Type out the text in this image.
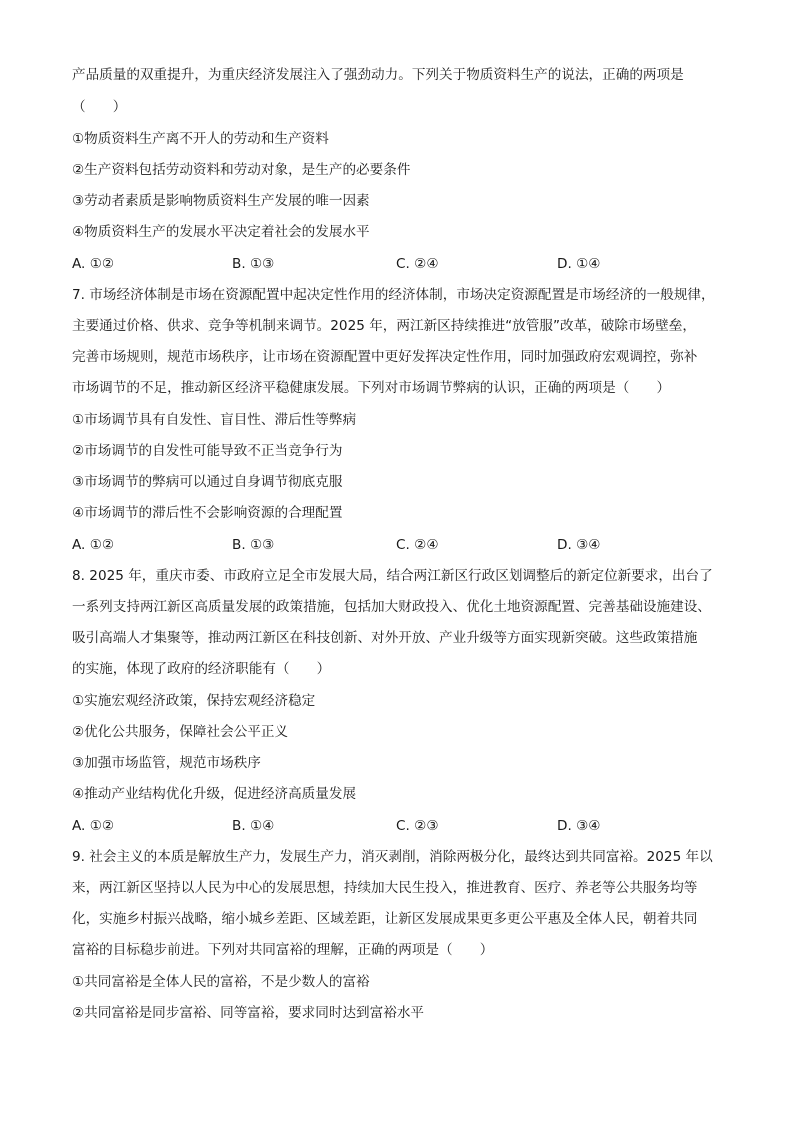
产品质量的双重提升，为重庆经济发展注入了强劲动力。下列关于物质资料生产的说法，正确的两项是
（　　）
①物质资料生产离不开人的劳动和生产资料
②生产资料包括劳动资料和劳动对象，是生产的必要条件
③劳动者素质是影响物质资料生产发展的唯一因素
④物质资料生产的发展水平决定着社会的发展水平
A. ①②	B. ①③	C. ②④	D. ①④
7. 市场经济体制是市场在资源配置中起决定性作用的经济体制，市场决定资源配置是市场经济的一般规律，
主要通过价格、供求、竞争等机制来调节。2025 年，两江新区持续推进“放管服”改革，破除市场壁垒，
完善市场规则，规范市场秩序，让市场在资源配置中更好发挥决定性作用，同时加强政府宏观调控，弥补
市场调节的不足，推动新区经济平稳健康发展。下列对市场调节弊病的认识，正确的两项是（　　）
①市场调节具有自发性、盲目性、滞后性等弊病
②市场调节的自发性可能导致不正当竞争行为
③市场调节的弊病可以通过自身调节彻底克服
④市场调节的滞后性不会影响资源的合理配置
A. ①②	B. ①③	C. ②④	D. ③④
8. 2025 年，重庆市委、市政府立足全市发展大局，结合两江新区行政区划调整后的新定位新要求，出台了
一系列支持两江新区高质量发展的政策措施，包括加大财政投入、优化土地资源配置、完善基础设施建设、
吸引高端人才集聚等，推动两江新区在科技创新、对外开放、产业升级等方面实现新突破。这些政策措施
的实施，体现了政府的经济职能有（　　）
①实施宏观经济政策，保持宏观经济稳定
②优化公共服务，保障社会公平正义
③加强市场监管，规范市场秩序
④推动产业结构优化升级，促进经济高质量发展
A. ①②	B. ①④	C. ②③	D. ③④
9. 社会主义的本质是解放生产力，发展生产力，消灭剥削，消除两极分化，最终达到共同富裕。2025 年以
来，两江新区坚持以人民为中心的发展思想，持续加大民生投入，推进教育、医疗、养老等公共服务均等
化，实施乡村振兴战略，缩小城乡差距、区域差距，让新区发展成果更多更公平惠及全体人民，朝着共同
富裕的目标稳步前进。下列对共同富裕的理解，正确的两项是（　　）
①共同富裕是全体人民的富裕，不是少数人的富裕
②共同富裕是同步富裕、同等富裕，要求同时达到富裕水平
